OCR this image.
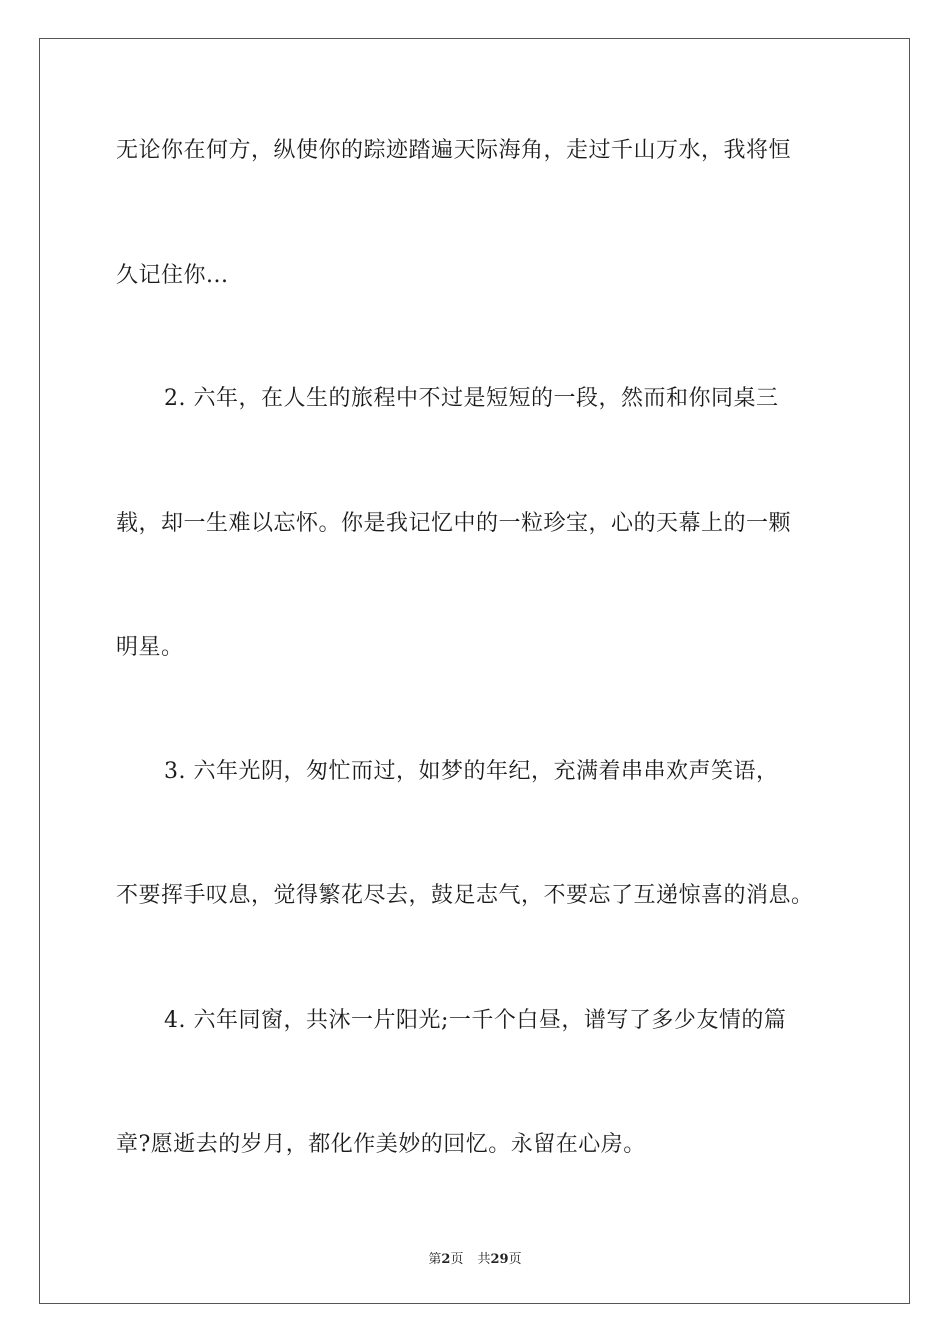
无论你在何方，纵使你的踪迹踏遍天际海角，走过千山万水，我将恒
久记住你...
2. 六年，在人生的旅程中不过是短短的一段，然而和你同桌三
载，却一生难以忘怀。你是我记忆中的一粒珍宝，心的天幕上的一颗
明星。
3. 六年光阴，匆忙而过，如梦的年纪，充满着串串欢声笑语，
不要挥手叹息，觉得繁花尽去，鼓足志气，不要忘了互递惊喜的消息。
4. 六年同窗，共沐一片阳光;一千个白昼，谱写了多少友情的篇
章?愿逝去的岁月，都化作美妙的回忆。永留在心房。
第2页 共29页
